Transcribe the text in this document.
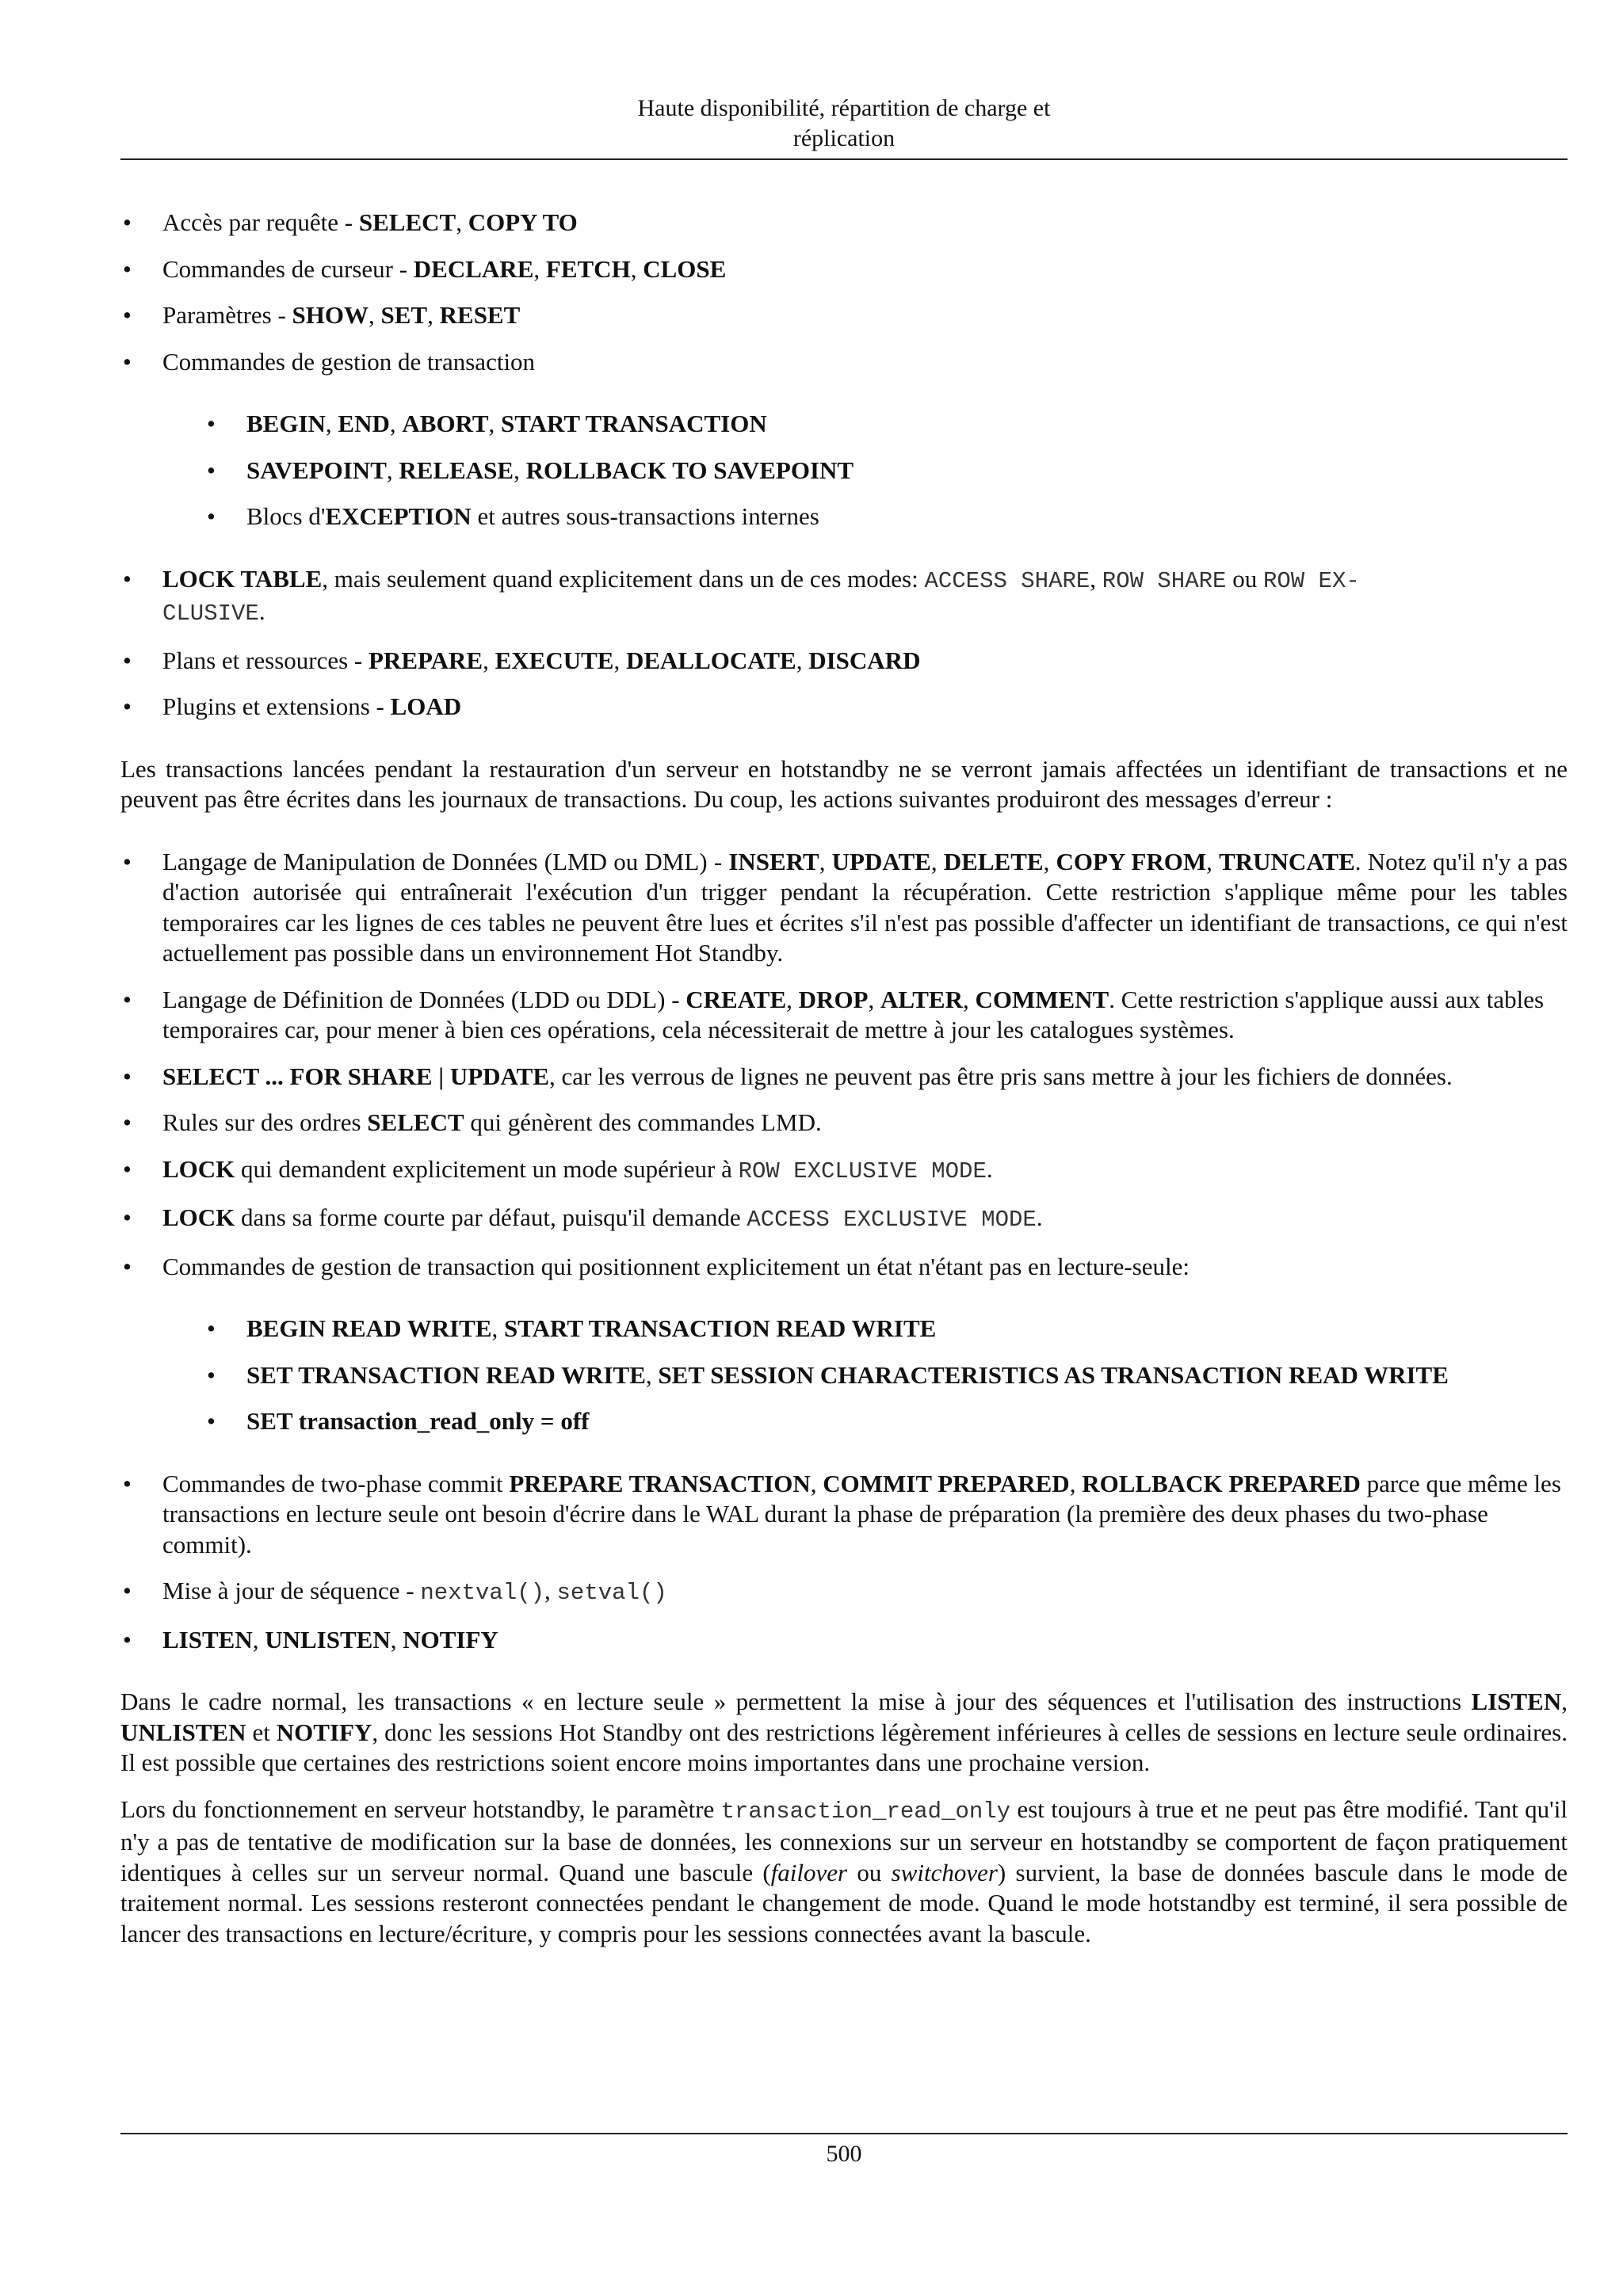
Haute disponibilité, répartition de charge et
réplication
• Accès par requête - SELECT, COPY TO
• Commandes de curseur - DECLARE, FETCH, CLOSE
• Paramètres - SHOW, SET, RESET
• Commandes de gestion de transaction
• BEGIN, END, ABORT, START TRANSACTION
• SAVEPOINT, RELEASE, ROLLBACK TO SAVEPOINT
• Blocs d'EXCEPTION et autres sous-transactions internes
• LOCK TABLE, mais seulement quand explicitement dans un de ces modes: ACCESS SHARE, ROW SHARE ou ROW EX-
CLUSIVE.
• Plans et ressources - PREPARE, EXECUTE, DEALLOCATE, DISCARD
• Plugins et extensions - LOAD

Les transactions lancées pendant la restauration d'un serveur en hotstandby ne se verront jamais affectées un identifiant de transactions et ne peuvent pas être écrites dans les journaux de transactions. Du coup, les actions suivantes produiront des messages d'erreur :

• Langage de Manipulation de Données (LMD ou DML) - INSERT, UPDATE, DELETE, COPY FROM, TRUNCATE. Notez qu'il n'y a pas d'action autorisée qui entraînerait l'exécution d'un trigger pendant la récupération. Cette restriction s'applique même pour les tables temporaires car les lignes de ces tables ne peuvent être lues et écrites s'il n'est pas possible d'affecter un identifiant de transactions, ce qui n'est actuellement pas possible dans un environnement Hot Standby.
• Langage de Définition de Données (LDD ou DDL) - CREATE, DROP, ALTER, COMMENT. Cette restriction s'applique aussi aux tables temporaires car, pour mener à bien ces opérations, cela nécessiterait de mettre à jour les catalogues systèmes.
• SELECT ... FOR SHARE | UPDATE, car les verrous de lignes ne peuvent pas être pris sans mettre à jour les fichiers de données.
• Rules sur des ordres SELECT qui génèrent des commandes LMD.
• LOCK qui demandent explicitement un mode supérieur à ROW EXCLUSIVE MODE.
• LOCK dans sa forme courte par défaut, puisqu'il demande ACCESS EXCLUSIVE MODE.
• Commandes de gestion de transaction qui positionnent explicitement un état n'étant pas en lecture-seule:
• BEGIN READ WRITE, START TRANSACTION READ WRITE
• SET TRANSACTION READ WRITE, SET SESSION CHARACTERISTICS AS TRANSACTION READ WRITE
• SET transaction_read_only = off
• Commandes de two-phase commit PREPARE TRANSACTION, COMMIT PREPARED, ROLLBACK PREPARED parce que même les transactions en lecture seule ont besoin d'écrire dans le WAL durant la phase de préparation (la première des deux phases du two-phase commit).
• Mise à jour de séquence - nextval(), setval()
• LISTEN, UNLISTEN, NOTIFY

Dans le cadre normal, les transactions « en lecture seule » permettent la mise à jour des séquences et l'utilisation des instructions LISTEN, UNLISTEN et NOTIFY, donc les sessions Hot Standby ont des restrictions légèrement inférieures à celles de sessions en lecture seule ordinaires. Il est possible que certaines des restrictions soient encore moins importantes dans une prochaine version.

Lors du fonctionnement en serveur hotstandby, le paramètre transaction_read_only est toujours à true et ne peut pas être modifié. Tant qu'il n'y a pas de tentative de modification sur la base de données, les connexions sur un serveur en hotstandby se comportent de façon pratiquement identiques à celles sur un serveur normal. Quand une bascule (failover ou switchover) survient, la base de données bascule dans le mode de traitement normal. Les sessions resteront connectées pendant le changement de mode. Quand le mode hotstandby est terminé, il sera possible de lancer des transactions en lecture/écriture, y compris pour les sessions connectées avant la bascule.

500
